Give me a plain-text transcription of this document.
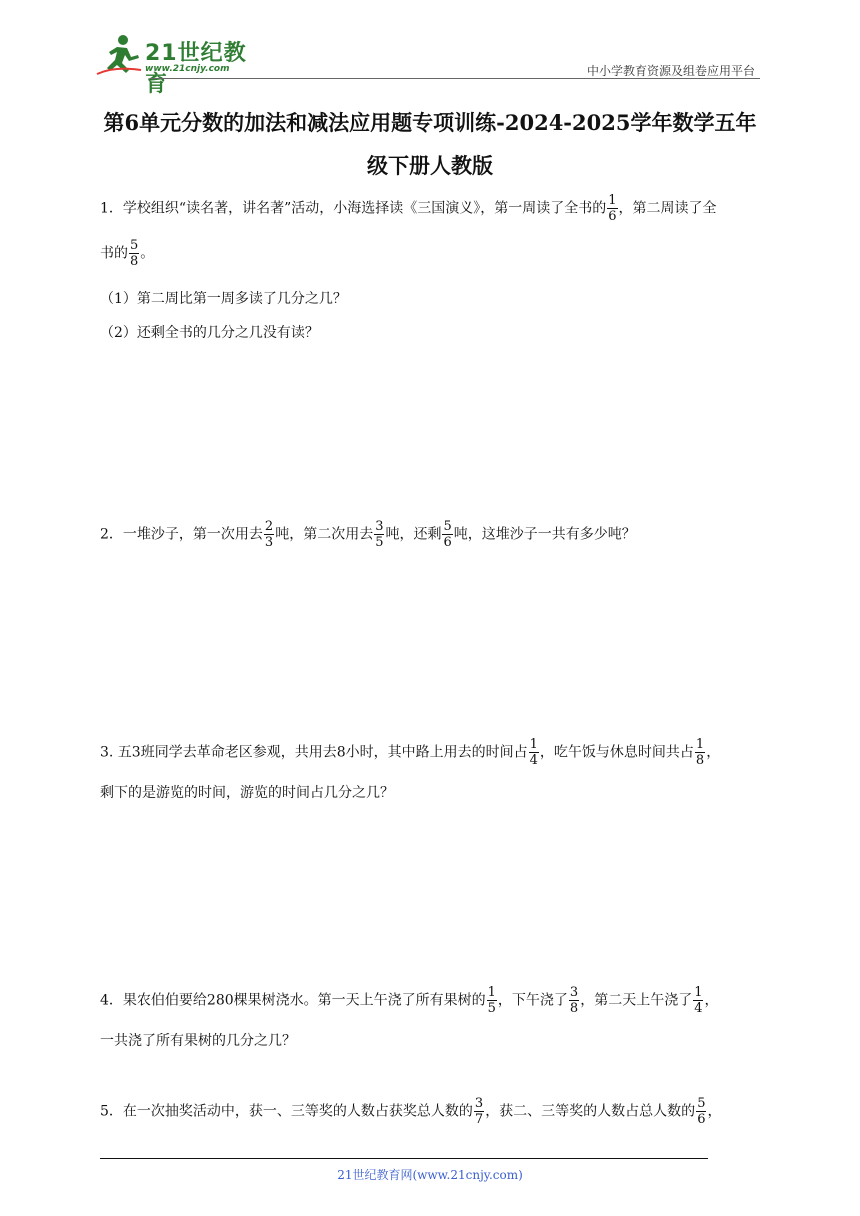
21世纪教育
www.21cnjy.com	中小学教育资源及组卷应用平台
第6单元分数的加法和减法应用题专项训练-2024-2025学年数学五年
级下册人教版
1．学校组织“读名著，讲名著”活动，小海选择读《三国演义》，第一周读了全书的 $\frac{1}{6}$ ，第二周读了全
书的 $\frac{5}{8}$ 。
（1）第二周比第一周多读了几分之几？
（2）还剩全书的几分之几没有读？
2．一堆沙子，第一次用去 $\frac{2}{3}$ 吨，第二次用去 $\frac{3}{5}$ 吨，还剩 $\frac{5}{6}$ 吨，这堆沙子一共有多少吨？
3. 五3班同学去革命老区参观，共用去8小时，其中路上用去的时间占 $\frac{1}{4}$ ，吃午饭与休息时间共占 $\frac{1}{8}$ ，
剩下的是游览的时间，游览的时间占几分之几？
4．果农伯伯要给280棵果树浇水。第一天上午浇了所有果树的 $\frac{1}{5}$ ，下午浇了 $\frac{3}{8}$ ，第二天上午浇了 $\frac{1}{4}$ ，
一共浇了所有果树的几分之几？
5．在一次抽奖活动中，获一、三等奖的人数占获奖总人数的 $\frac{3}{7}$ ，获二、三等奖的人数占总人数的 $\frac{5}{6}$ ，
21世纪教育网(www.21cnjy.com)
